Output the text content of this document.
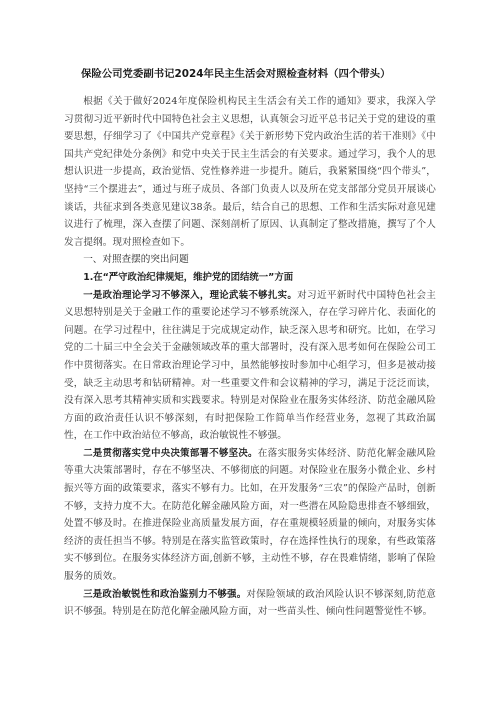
保险公司党委副书记2024年民主生活会对照检查材料（四个带头）

根据《关于做好2024年度保险机构民主生活会有关工作的通知》要求，我深入学习贯彻习近平新时代中国特色社会主义思想，认真领会习近平总书记关于党的建设的重要思想，仔细学习了《中国共产党章程》《关于新形势下党内政治生活的若干准则》《中国共产党纪律处分条例》和党中央关于民主生活会的有关要求。通过学习，我个人的思想认识进一步提高，政治觉悟、党性修养进一步提升。随后，我紧紧围绕“四个带头”，坚持“三个摆进去”，通过与班子成员、各部门负责人以及所在党支部部分党员开展谈心谈话，共征求到各类意见建议38条。最后，结合自己的思想、工作和生活实际对意见建议进行了梳理，深入查摆了问题、深刻剖析了原因、认真制定了整改措施，撰写了个人发言提纲。现对照检查如下。

一、对照查摆的突出问题

1.在“严守政治纪律规矩，维护党的团结统一”方面

一是政治理论学习不够深入，理论武装不够扎实。对习近平新时代中国特色社会主义思想特别是关于金融工作的重要论述学习不够系统深入，存在学习碎片化、表面化的问题。在学习过程中，往往满足于完成规定动作，缺乏深入思考和研究。比如，在学习党的二十届三中全会关于金融领域改革的重大部署时，没有深入思考如何在保险公司工作中贯彻落实。在日常政治理论学习中，虽然能够按时参加中心组学习，但多是被动接受，缺乏主动思考和钻研精神。对一些重要文件和会议精神的学习，满足于泛泛而读，没有深入思考其精神实质和实践要求。特别是对保险业在服务实体经济、防范金融风险方面的政治责任认识不够深刻，有时把保险工作简单当作经营业务，忽视了其政治属性，在工作中政治站位不够高，政治敏锐性不够强。

二是贯彻落实党中央决策部署不够坚决。在落实服务实体经济、防范化解金融风险等重大决策部署时，存在不够坚决、不够彻底的问题。对保险业在服务小微企业、乡村振兴等方面的政策要求，落实不够有力。比如，在开发服务“三农”的保险产品时，创新不够，支持力度不大。在防范化解金融风险方面，对一些潜在风险隐患排查不够细致，处置不够及时。在推进保险业高质量发展方面，存在重规模轻质量的倾向，对服务实体经济的责任担当不够。特别是在落实监管政策时，存在选择性执行的现象，有些政策落实不够到位。在服务实体经济方面,创新不够，主动性不够，存在畏难情绪，影响了保险服务的质效。

三是政治敏锐性和政治鉴别力不够强。对保险领域的政治风险认识不够深刻,防范意识不够强。特别是在防范化解金融风险方面，对一些苗头性、倾向性问题警觉性不够。
